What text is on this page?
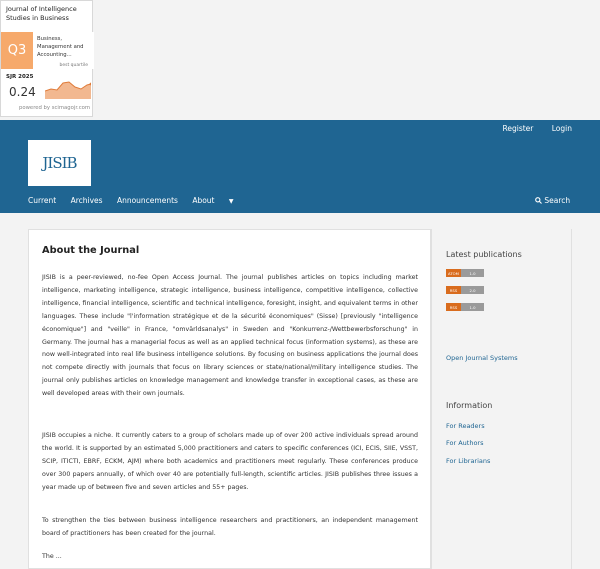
Journal of Intelligence Studies in Business
Q3
Business, Management and Accounting...
best quartile
SJR 2025
0.24
powered by scimagojr.com
Register Login
JISIB
Current Archives Announcements About ▼	Search
About the Journal
JISIB is a peer-reviewed, no-fee Open Access Journal. The journal publishes articles on topics including market intelligence, marketing intelligence, strategic intelligence, business intelligence, competitive intelligence, collective intelligence, financial intelligence, scientific and technical intelligence, foresight, insight, and equivalent terms in other languages. These include "l'information stratégique et de la sécurité économiques" (Sisse) [previously "intelligence économique"] and "veille" in France, "omvärldsanalys" in Sweden and "Konkurrenz-/Wettbewerbsforschung" in Germany. The journal has a managerial focus as well as an applied technical focus (information systems), as these are now well-integrated into real life business intelligence solutions. By focusing on business applications the journal does not compete directly with journals that focus on library sciences or state/national/military intelligence studies. The journal only publishes articles on knowledge management and knowledge transfer in exceptional cases, as these are well developed areas with their own journals.
JISIB occupies a niche. It currently caters to a group of scholars made up of over 200 active individuals spread around the world. It is supported by an estimated 5,000 practitioners and caters to specific conferences (ICI, ECIS, SIIE, VSST, SCIP, ITICTI, EBRF, ECKM, AJM) where both academics and practitioners meet regularly. These conferences produce over 300 papers annually, of which over 40 are potentially full-length, scientific articles. JISIB publishes three issues a year made up of between five and seven articles and 55+ pages.
To strengthen the ties between business intelligence researchers and practitioners, an independent management board of practitioners has been created for the journal.
The ...
Latest publications
ATOM	1.0
RSS	2.0
RSS	1.0
Open Journal Systems
Information
For Readers
For Authors
For Librarians
